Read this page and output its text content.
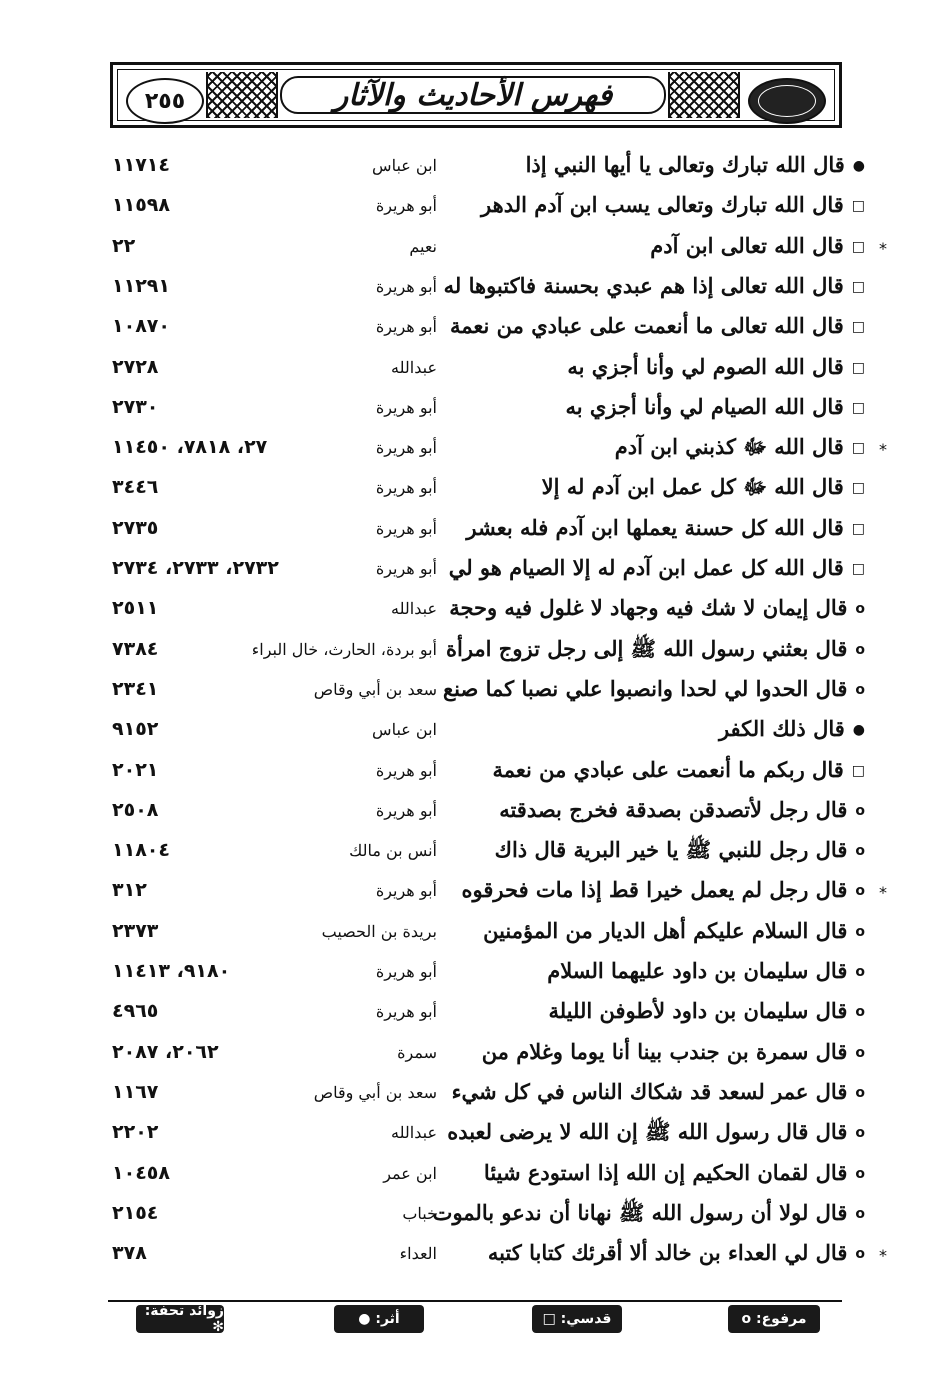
٢٥٥	فهرس الأحاديث والآثار
●قال الله تبارك وتعالى يا أيها النبي إذا
ابن عباس
١١٧١٤
□قال الله تبارك وتعالى يسب ابن آدم الدهر
أبو هريرة
١١٥٩٨
*
□قال الله تعالى ابن آدم
نعيم
٢٢
□قال الله تعالى إذا هم عبدي بحسنة فاكتبوها له
أبو هريرة
١١٢٩١
□قال الله تعالى ما أنعمت على عبادي من نعمة
أبو هريرة
١٠٨٧٠
□قال الله الصوم لي وأنا أجزي به
عبدالله
٢٧٢٨
□قال الله الصيام لي وأنا أجزي به
أبو هريرة
٢٧٣٠
*
□قال الله ﷻ كذبني ابن آدم
أبو هريرة
٢٧، ٧٨١٨، ١١٤٥٠
□قال الله ﷻ كل عمل ابن آدم له إلا
أبو هريرة
٣٤٤٦
□قال الله كل حسنة يعملها ابن آدم فله بعشر
أبو هريرة
٢٧٣٥
□قال الله كل عمل ابن آدم له إلا الصيام هو لي
أبو هريرة
٢٧٣٢، ٢٧٣٣، ٢٧٣٤
oقال إيمان لا شك فيه وجهاد لا غلول فيه وحجة
عبدالله
٢٥١١
oقال بعثني رسول الله ﷺ إلى رجل تزوج امرأة
أبو بردة، الحارث، خال البراء
٧٣٨٤
oقال الحدوا لي لحدا وانصبوا علي نصبا كما صنع
سعد بن أبي وقاص
٢٣٤١
●قال ذلك الكفر
ابن عباس
٩١٥٢
□قال ربكم ما أنعمت على عبادي من نعمة
أبو هريرة
٢٠٢١
oقال رجل لأتصدقن بصدقة فخرج بصدقته
أبو هريرة
٢٥٠٨
oقال رجل للنبي ﷺ يا خير البرية قال ذاك
أنس بن مالك
١١٨٠٤
*
oقال رجل لم يعمل خيرا قط إذا مات فحرقوه
أبو هريرة
٣١٢
oقال السلام عليكم أهل الديار من المؤمنين
بريدة بن الحصيب
٢٣٧٣
oقال سليمان بن داود عليهما السلام
أبو هريرة
٩١٨٠، ١١٤١٣
oقال سليمان بن داود لأطوفن الليلة
أبو هريرة
٤٩٦٥
oقال سمرة بن جندب بينا أنا يوما وغلام من
سمرة
٢٠٦٢، ٢٠٨٧
oقال عمر لسعد قد شكاك الناس في كل شيء
سعد بن أبي وقاص
١١٦٧
oقال قال رسول الله ﷺ إن الله لا يرضى لعبده
عبدالله
٢٢٠٢
oقال لقمان الحكيم إن الله إذا استودع شيئا
ابن عمر
١٠٤٥٨
oقال لولا أن رسول الله ﷺ نهانا أن ندعو بالموت
خباب
٢١٥٤
*
oقال لي العداء بن خالد ألا أقرئك كتابا كتبه
العداء
٣٧٨
مرفوع: o
قدسي: □
أثر: ●
زوائد تحفة: ✻
